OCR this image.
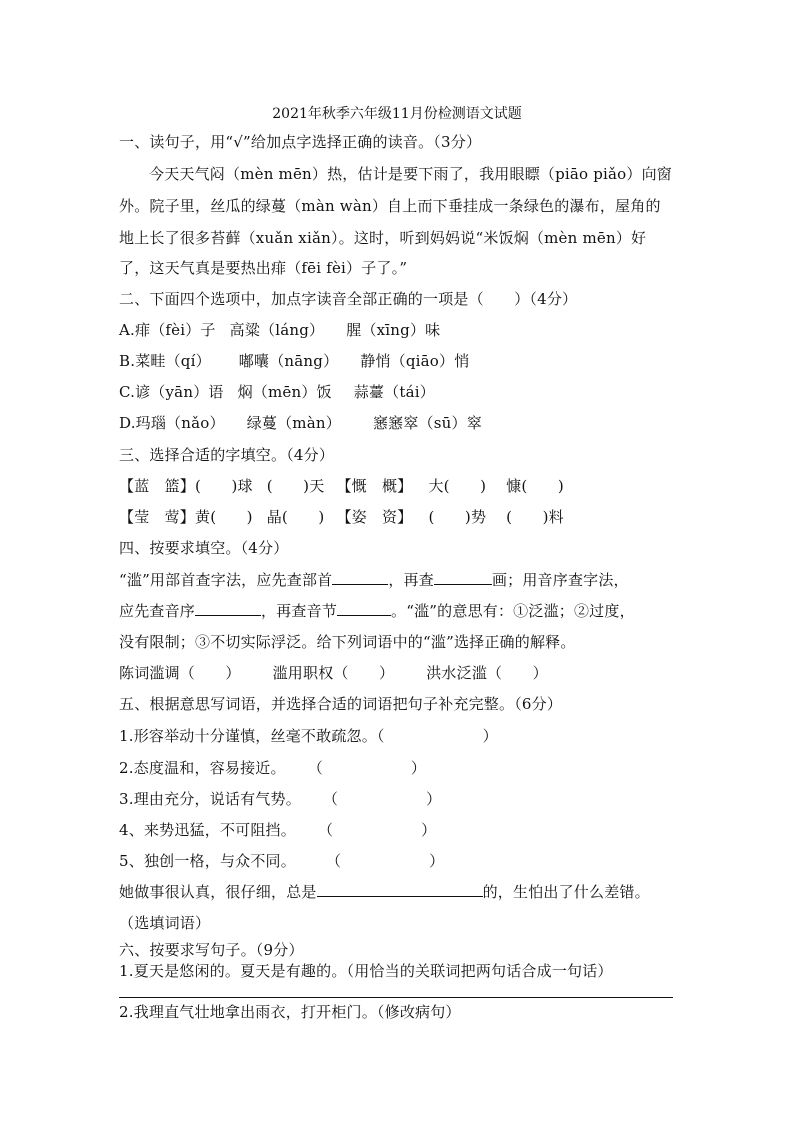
2021年秋季六年级11月份检测语文试题
一、读句子，用“√”给加点字选择正确的读音。（3分）
今天天气闷（mèn mēn）热，估计是要下雨了，我用眼瞟（piāo piǎo）向窗
外。院子里，丝瓜的绿蔓（màn wàn）自上而下垂挂成一条绿色的瀑布，屋角的
地上长了很多苔藓（xuǎn xiǎn）。这时，听到妈妈说“米饭焖（mèn mēn）好
了，这天气真是要热出痱（fēi fèi）子了。”
二、下面四个选项中，加点字读音全部正确的一项是（　　）（4分）
A.痱（fèi）子 高粱（láng） 腥（xīng）味
B.菜畦（qí） 嘟囔（nāng） 静悄（qiāo）悄
C.谚（yān）语 焖（mēn）饭 蒜薹（tái）
D.玛瑙（nǎo） 绿蔓（màn） 窸窸窣（sū）窣
三、选择合适的字填空。（4分）
【蓝　篮】(　　)球 (　　)天 【慨　概】 大(　　) 慷(　　)
【莹　莺】黄(　　) 晶(　　) 【姿　资】 (　　)势 (　　)料
四、按要求填空。（4分）
“滥”用部首查字法，应先查部首	，再查	画；用音序查字法，
应先查音序	，再查音节	。“滥”的意思有：①泛滥；②过度，
没有限制；③不切实际浮泛。给下列词语中的“滥”选择正确的解释。
陈词滥调（　　） 滥用职权（　　） 洪水泛滥（　　）
五、根据意思写词语，并选择合适的词语把句子补充完整。（6分）
1.形容举动十分谨慎，丝毫不敢疏忽。（	）
2.态度温和，容易接近。 （	）
3.理由充分，说话有气势。 （	）
4、来势迅猛，不可阻挡。 （	）
5、独创一格，与众不同。 （	）
她做事很认真，很仔细，总是	的，生怕出了什么差错。
（选填词语）
六、按要求写句子。（9分）
1.夏天是悠闲的。夏天是有趣的。（用恰当的关联词把两句话合成一句话）
2.我理直气壮地拿出雨衣，打开柜门。（修改病句）
